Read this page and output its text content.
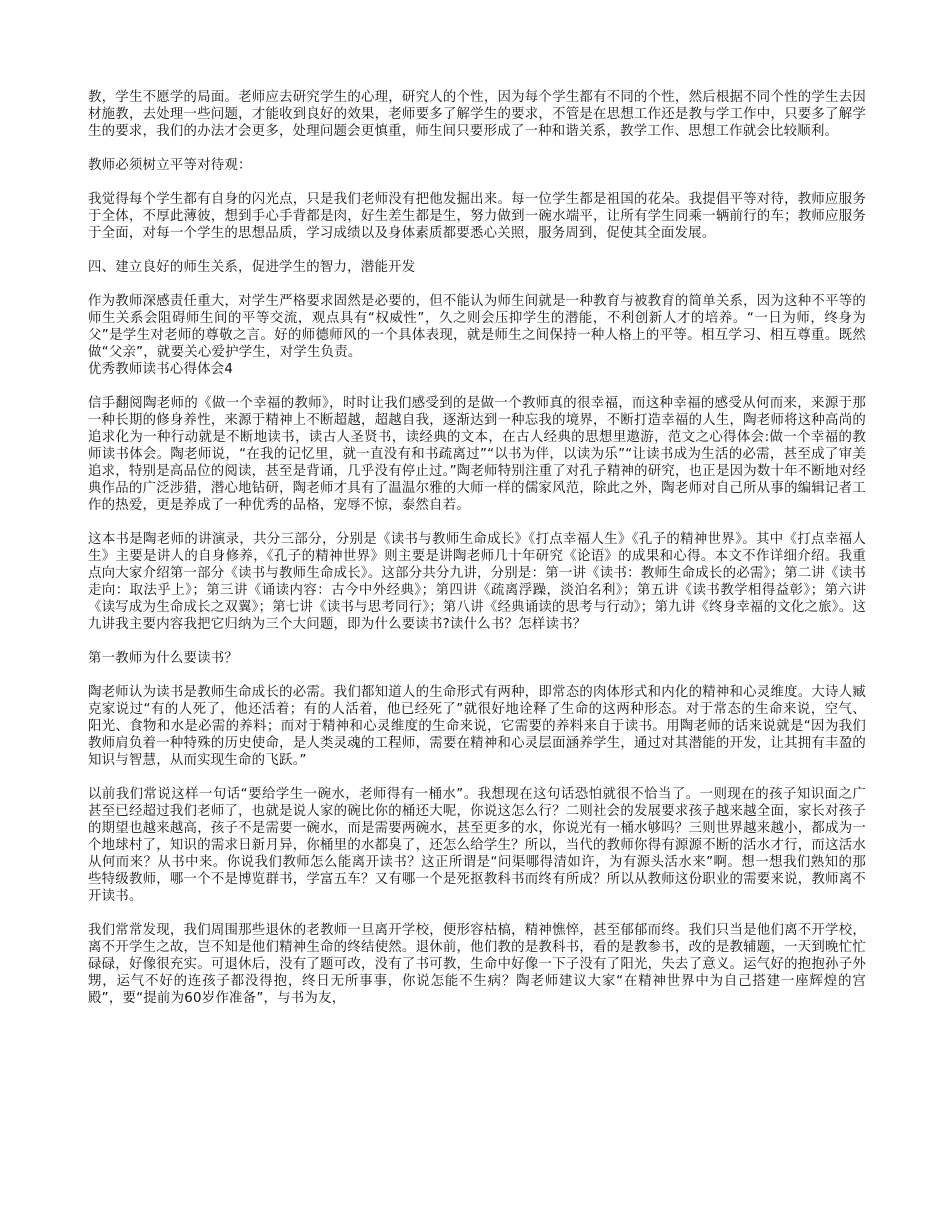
教，学生不愿学的局面。老师应去研究学生的心理，研究人的个性，因为每个学生都有不同的个性，然后根据不同个性的学生去因材施教，去处理一些问题，才能收到良好的效果，老师要多了解学生的要求，不管是在思想工作还是教与学工作中，只要多了解学生的要求，我们的办法才会更多，处理问题会更慎重，师生间只要形成了一种和谐关系，教学工作、思想工作就会比较顺利。

教师必须树立平等对待观：

我觉得每个学生都有自身的闪光点，只是我们老师没有把他发掘出来。每一位学生都是祖国的花朵。我提倡平等对待，教师应服务于全体，不厚此薄彼，想到手心手背都是肉，好生差生都是生，努力做到一碗水端平，让所有学生同乘一辆前行的车；教师应服务于全面，对每一个学生的思想品质，学习成绩以及身体素质都要悉心关照，服务周到，促使其全面发展。

四、建立良好的师生关系，促进学生的智力，潜能开发

作为教师深感责任重大，对学生严格要求固然是必要的，但不能认为师生间就是一种教育与被教育的简单关系，因为这种不平等的师生关系会阻碍师生间的平等交流，观点具有“权威性”，久之则会压抑学生的潜能，不利创新人才的培养。“一日为师，终身为父”是学生对老师的尊敬之言。好的师德师风的一个具体表现，就是师生之间保持一种人格上的平等。相互学习、相互尊重。既然做“父亲”，就要关心爱护学生，对学生负责。

优秀教师读书心得体会4

信手翻阅陶老师的《做一个幸福的教师》，时时让我们感受到的是做一个教师真的很幸福，而这种幸福的感受从何而来，来源于那一种长期的修身养性，来源于精神上不断超越，超越自我，逐渐达到一种忘我的境界，不断打造幸福的人生，陶老师将这种高尚的追求化为一种行动就是不断地读书，读古人圣贤书，读经典的文本，在古人经典的思想里遨游，范文之心得体会:做一个幸福的教师读书体会。陶老师说，“在我的记忆里，就一直没有和书疏离过”“以书为伴，以读为乐”“让读书成为生活的必需，甚至成了审美追求，特别是高品位的阅读，甚至是背诵，几乎没有停止过。”陶老师特别注重了对孔子精神的研究，也正是因为数十年不断地对经典作品的广泛涉猎，潜心地钻研，陶老师才具有了温温尔雅的大师一样的儒家风范，除此之外，陶老师对自己所从事的编辑记者工作的热爱，更是养成了一种优秀的品格，宠辱不惊，泰然自若。

这本书是陶老师的讲演录，共分三部分，分别是《读书与教师生命成长》《打点幸福人生》《孔子的精神世界》。其中《打点幸福人生》主要是讲人的自身修养，《孔子的精神世界》则主要是讲陶老师几十年研究《论语》的成果和心得。本文不作详细介绍。我重点向大家介绍第一部分《读书与教师生命成长》。这部分共分九讲，分别是：第一讲《读书：教师生命成长的必需》；第二讲《读书走向：取法乎上》；第三讲《诵读内容：古今中外经典》；第四讲《疏离浮躁，淡泊名利》；第五讲《读书教学相得益彰》；第六讲《读写成为生命成长之双翼》；第七讲《读书与思考同行》；第八讲《经典诵读的思考与行动》；第九讲《终身幸福的文化之旅》。这九讲我主要内容我把它归纳为三个大问题，即为什么要读书?读什么书？怎样读书？

第一教师为什么要读书？

陶老师认为读书是教师生命成长的必需。我们都知道人的生命形式有两种，即常态的肉体形式和内化的精神和心灵维度。大诗人臧克家说过“有的人死了，他还活着；有的人活着，他已经死了”就很好地诠释了生命的这两种形态。对于常态的生命来说，空气、阳光、食物和水是必需的养料；而对于精神和心灵维度的生命来说，它需要的养料来自于读书。用陶老师的话来说就是“因为我们教师肩负着一种特殊的历史使命，是人类灵魂的工程师，需要在精神和心灵层面涵养学生，通过对其潜能的开发，让其拥有丰盈的知识与智慧，从而实现生命的飞跃。”

以前我们常说这样一句话“要给学生一碗水，老师得有一桶水”。我想现在这句话恐怕就很不恰当了。一则现在的孩子知识面之广甚至已经超过我们老师了，也就是说人家的碗比你的桶还大呢，你说这怎么行？二则社会的发展要求孩子越来越全面，家长对孩子的期望也越来越高，孩子不是需要一碗水，而是需要两碗水，甚至更多的水，你说光有一桶水够吗？三则世界越来越小，都成为一个地球村了，知识的需求日新月异，你桶里的水都臭了，还怎么给学生？所以，当代的教师你得有源源不断的活水才行，而这活水从何而来？从书中来。你说我们教师怎么能离开读书？这正所谓是“问渠哪得清如许，为有源头活水来”啊。想一想我们熟知的那些特级教师，哪一个不是博览群书，学富五车？又有哪一个是死抠教科书而终有所成？所以从教师这份职业的需要来说，教师离不开读书。

我们常常发现，我们周围那些退休的老教师一旦离开学校，便形容枯槁，精神憔悴，甚至郁郁而终。我们只当是他们离不开学校，离不开学生之故，岂不知是他们精神生命的终结使然。退休前，他们教的是教科书，看的是教参书，改的是教辅题，一天到晚忙忙碌碌，好像很充实。可退休后，没有了题可改，没有了书可教，生命中好像一下子没有了阳光，失去了意义。运气好的抱抱孙子外甥，运气不好的连孩子都没得抱，终日无所事事，你说怎能不生病？陶老师建议大家“在精神世界中为自己搭建一座辉煌的宫殿”，要“提前为60岁作准备”，与书为友，
